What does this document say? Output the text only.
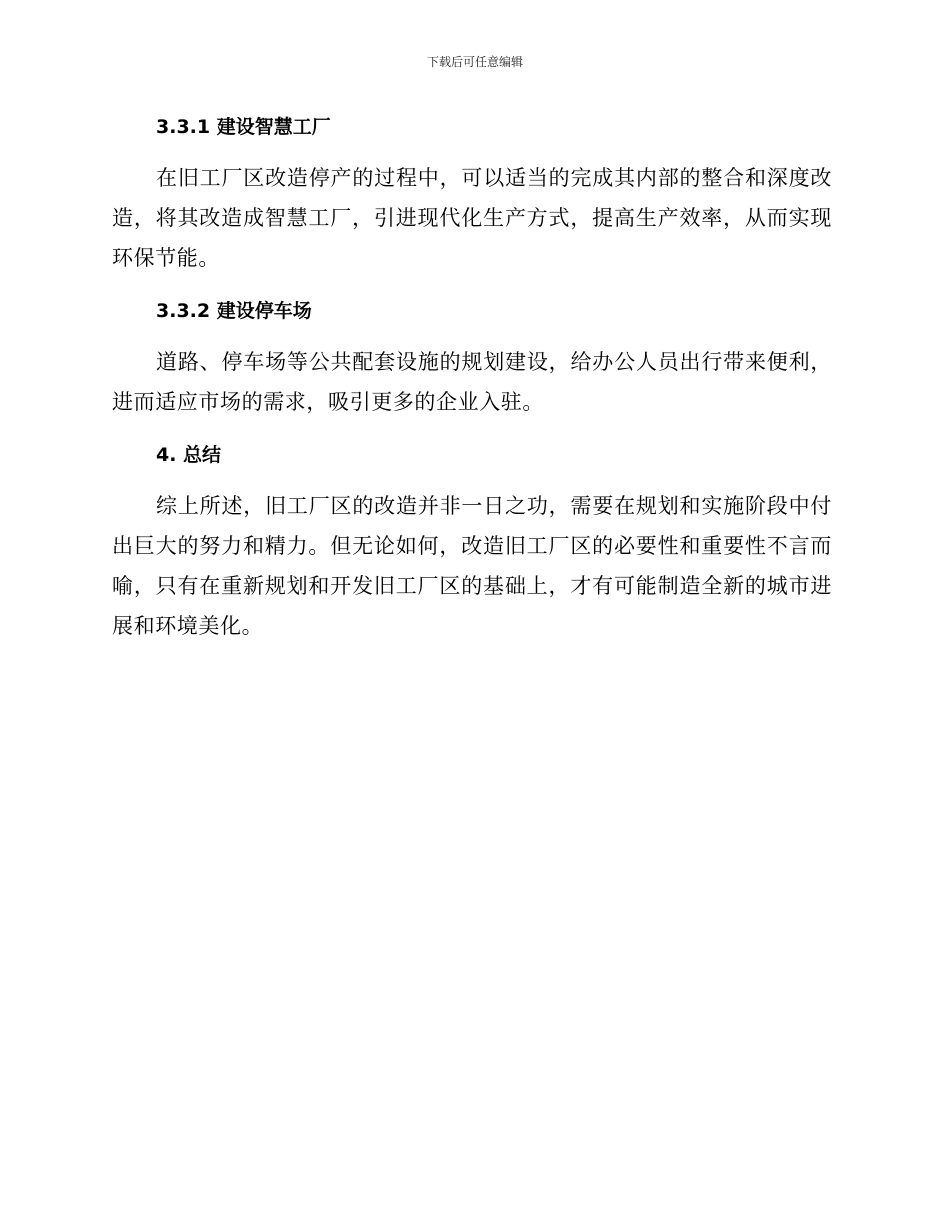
下载后可任意编辑
3.3.1 建设智慧工厂

在旧工厂区改造停产的过程中，可以适当的完成其内部的整合和深度改造，将其改造成智慧工厂，引进现代化生产方式，提高生产效率，从而实现环保节能。

3.3.2 建设停车场

道路、停车场等公共配套设施的规划建设，给办公人员出行带来便利，进而适应市场的需求，吸引更多的企业入驻。

4. 总结

综上所述，旧工厂区的改造并非一日之功，需要在规划和实施阶段中付出巨大的努力和精力。但无论如何，改造旧工厂区的必要性和重要性不言而喻，只有在重新规划和开发旧工厂区的基础上，才有可能制造全新的城市进展和环境美化。
